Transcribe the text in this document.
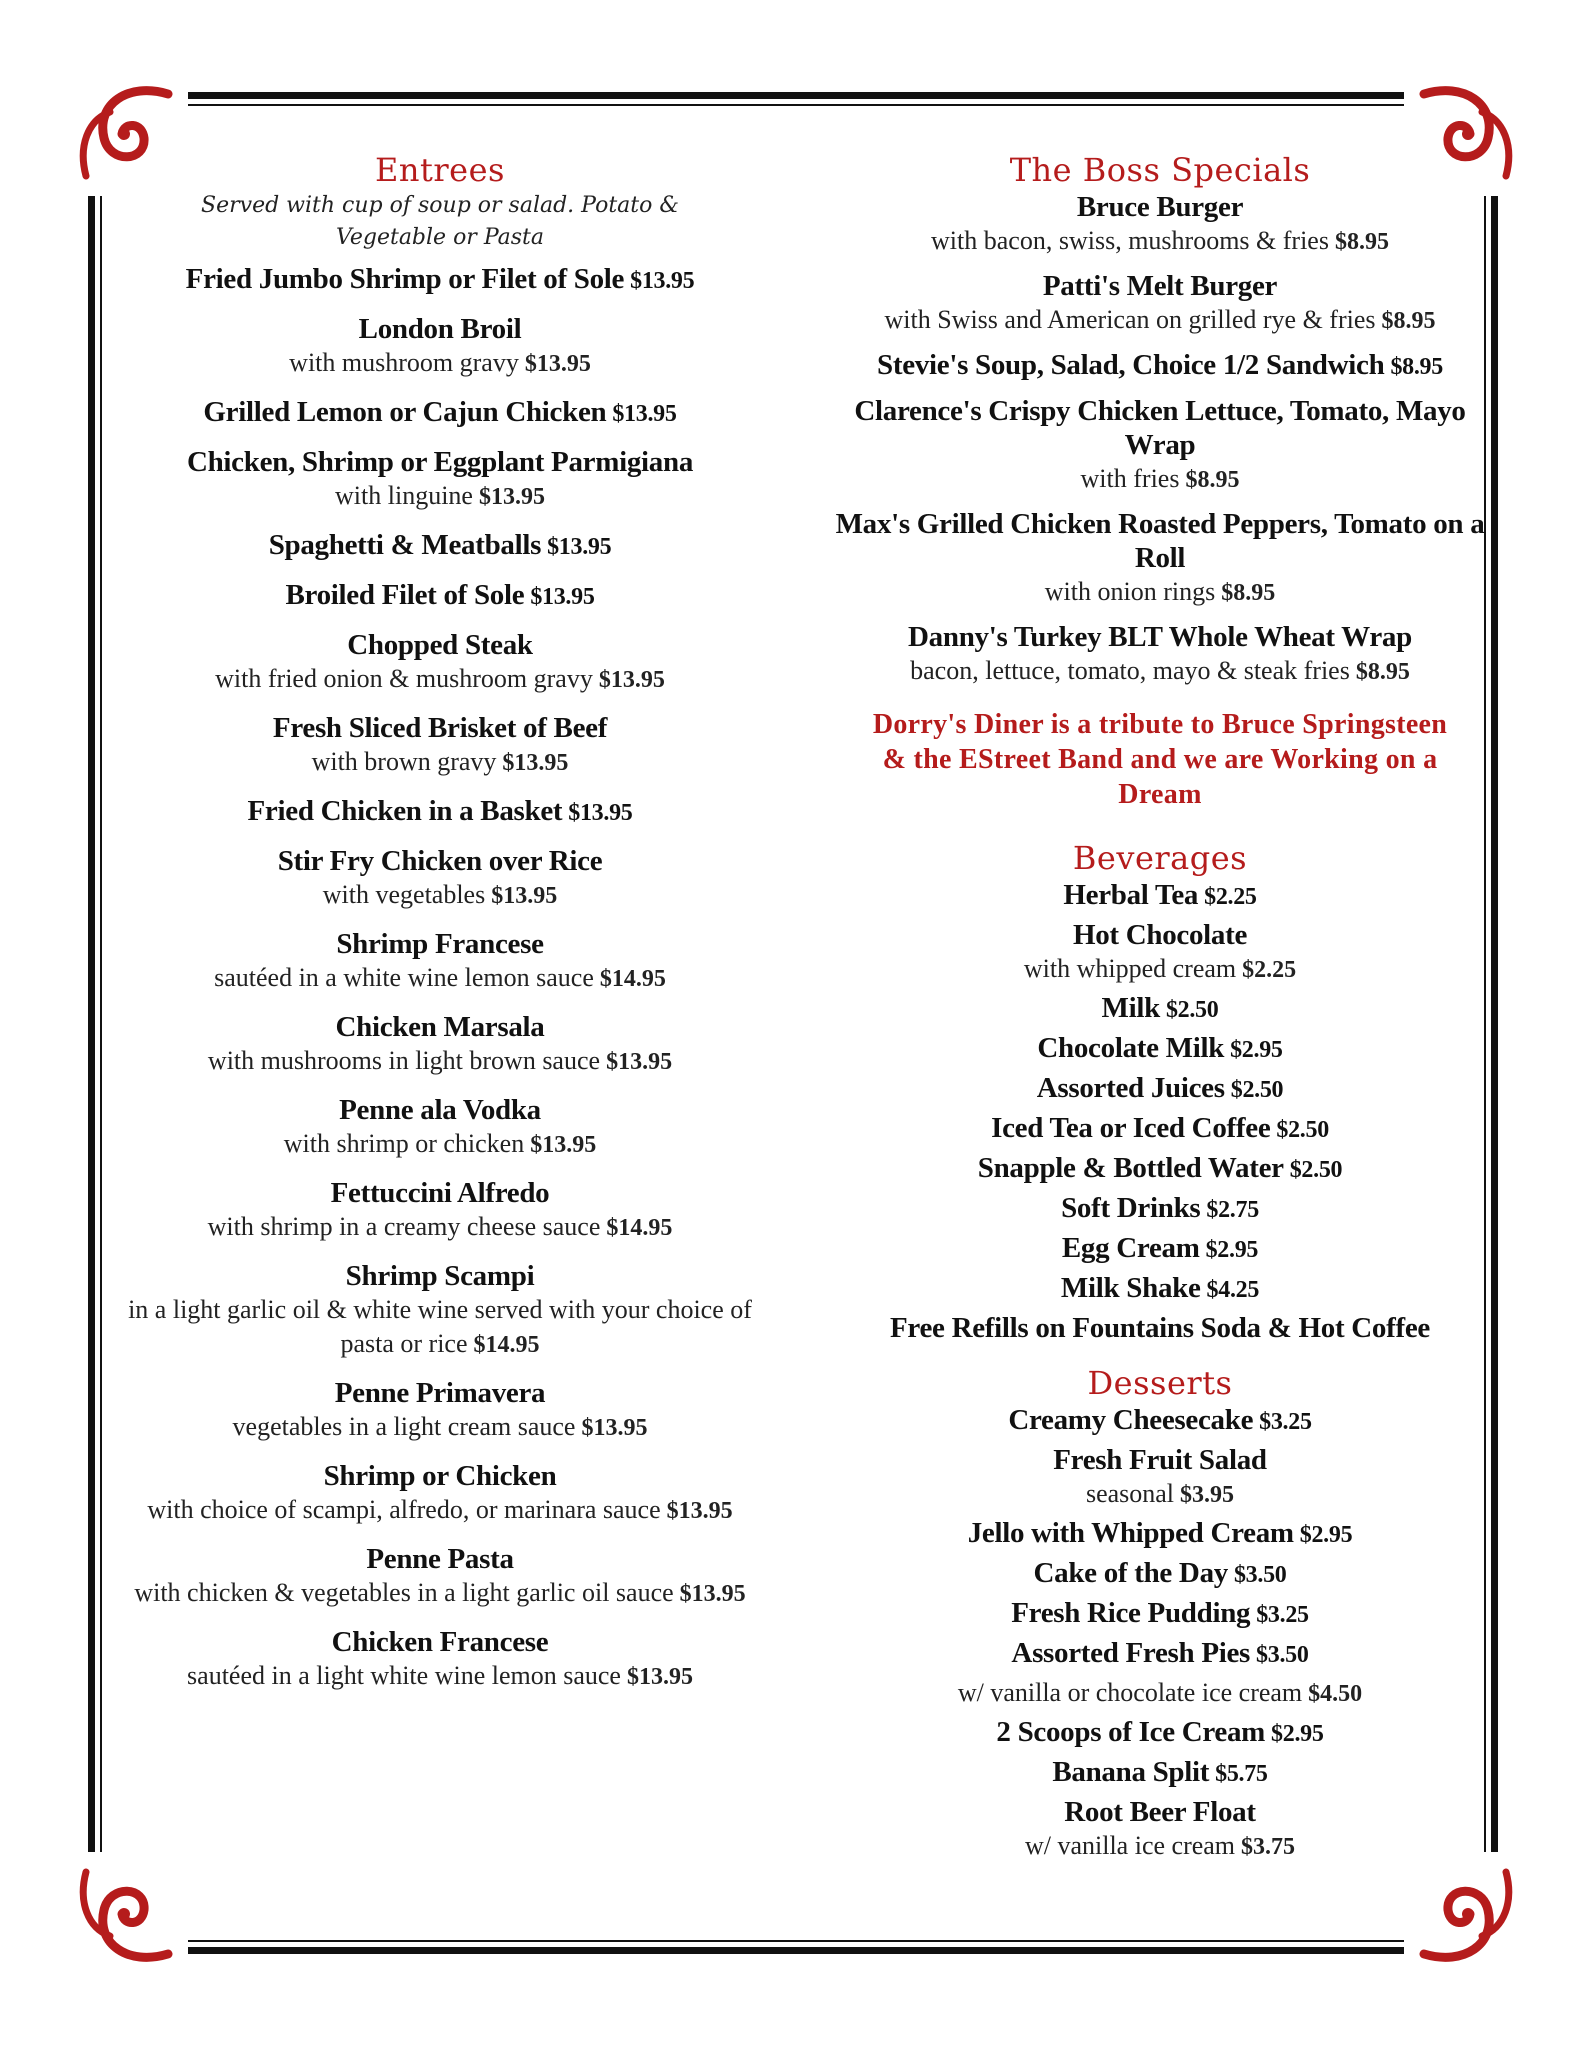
Entrees
Served with cup of soup or salad. Potato & Vegetable or Pasta
Fried Jumbo Shrimp or Filet of Sole $13.95
London Broil
with mushroom gravy $13.95
Grilled Lemon or Cajun Chicken $13.95
Chicken, Shrimp or Eggplant Parmigiana
with linguine $13.95
Spaghetti & Meatballs $13.95
Broiled Filet of Sole $13.95
Chopped Steak
with fried onion & mushroom gravy $13.95
Fresh Sliced Brisket of Beef
with brown gravy $13.95
Fried Chicken in a Basket $13.95
Stir Fry Chicken over Rice
with vegetables $13.95
Shrimp Francese
sautéed in a white wine lemon sauce $14.95
Chicken Marsala
with mushrooms in light brown sauce $13.95
Penne ala Vodka
with shrimp or chicken $13.95
Fettuccini Alfredo
with shrimp in a creamy cheese sauce $14.95
Shrimp Scampi
in a light garlic oil & white wine served with your choice of pasta or rice $14.95
Penne Primavera
vegetables in a light cream sauce $13.95
Shrimp or Chicken
with choice of scampi, alfredo, or marinara sauce $13.95
Penne Pasta
with chicken & vegetables in a light garlic oil sauce $13.95
Chicken Francese
sautéed in a light white wine lemon sauce $13.95
The Boss Specials
Bruce Burger
with bacon, swiss, mushrooms & fries $8.95
Patti's Melt Burger
with Swiss and American on grilled rye & fries $8.95
Stevie's Soup, Salad, Choice 1/2 Sandwich $8.95
Clarence's Crispy Chicken Lettuce, Tomato, Mayo Wrap
with fries $8.95
Max's Grilled Chicken Roasted Peppers, Tomato on a Roll
with onion rings $8.95
Danny's Turkey BLT Whole Wheat Wrap
bacon, lettuce, tomato, mayo & steak fries $8.95
Dorry's Diner is a tribute to Bruce Springsteen & the EStreet Band and we are Working on a Dream
Beverages
Herbal Tea $2.25
Hot Chocolate
with whipped cream $2.25
Milk $2.50
Chocolate Milk $2.95
Assorted Juices $2.50
Iced Tea or Iced Coffee $2.50
Snapple & Bottled Water $2.50
Soft Drinks $2.75
Egg Cream $2.95
Milk Shake $4.25
Free Refills on Fountains Soda & Hot Coffee
Desserts
Creamy Cheesecake $3.25
Fresh Fruit Salad
seasonal $3.95
Jello with Whipped Cream $2.95
Cake of the Day $3.50
Fresh Rice Pudding $3.25
Assorted Fresh Pies $3.50
w/ vanilla or chocolate ice cream $4.50
2 Scoops of Ice Cream $2.95
Banana Split $5.75
Root Beer Float
w/ vanilla ice cream $3.75
